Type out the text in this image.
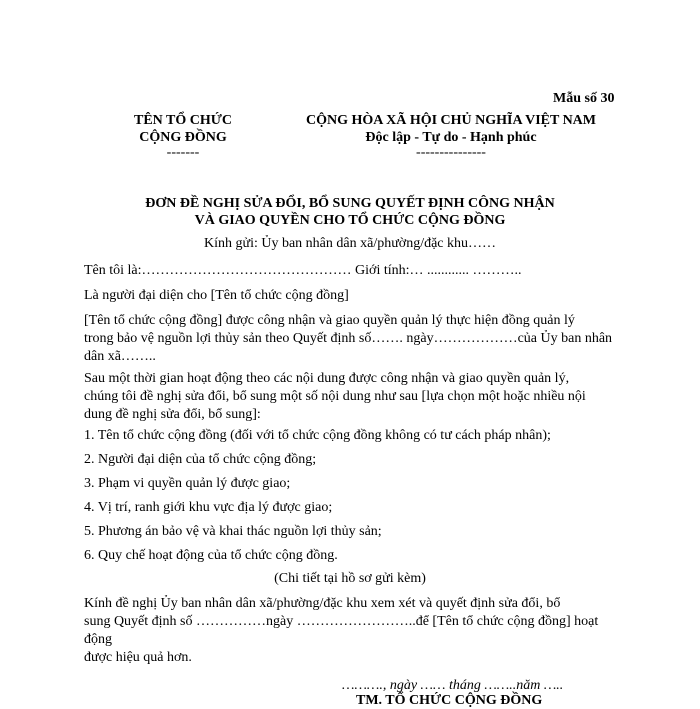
Mẫu số 30
TÊN TỔ CHỨC
CỘNG ĐỒNG
-------
CỘNG HÒA XÃ HỘI CHỦ NGHĨA VIỆT NAM
Độc lập - Tự do - Hạnh phúc
---------------
ĐƠN ĐỀ NGHỊ SỬA ĐỔI, BỔ SUNG QUYẾT ĐỊNH CÔNG NHẬN
VÀ GIAO QUYỀN CHO TỔ CHỨC CỘNG ĐỒNG
Kính gửi: Ủy ban nhân dân xã/phường/đặc khu……
Tên tôi là:……………………………………… Giới tính:… ............ ………..
Là người đại diện cho [Tên tổ chức cộng đồng]
[Tên tổ chức cộng đồng] được công nhận và giao quyền quản lý thực hiện đồng quản lý
trong bảo vệ nguồn lợi thủy sản theo Quyết định số……. ngày………………của Ủy ban nhân
dân xã……..
Sau một thời gian hoạt động theo các nội dung được công nhận và giao quyền quản lý,
chúng tôi đề nghị sửa đổi, bổ sung một số nội dung như sau [lựa chọn một hoặc nhiều nội
dung đề nghị sửa đổi, bổ sung]:
1. Tên tổ chức cộng đồng (đối với tổ chức cộng đồng không có tư cách pháp nhân);
2. Người đại diện của tổ chức cộng đồng;
3. Phạm vi quyền quản lý được giao;
4. Vị trí, ranh giới khu vực địa lý được giao;
5. Phương án bảo vệ và khai thác nguồn lợi thủy sản;
6. Quy chế hoạt động của tổ chức cộng đồng.
(Chi tiết tại hồ sơ gửi kèm)
Kính đề nghị Ủy ban nhân dân xã/phường/đặc khu xem xét và quyết định sửa đổi, bổ
sung Quyết định số ……………ngày ……………………..để [Tên tổ chức cộng đồng] hoạt động
được hiệu quả hơn.
………., ngày …… tháng ……..năm …..
TM. TỔ CHỨC CỘNG ĐỒNG
